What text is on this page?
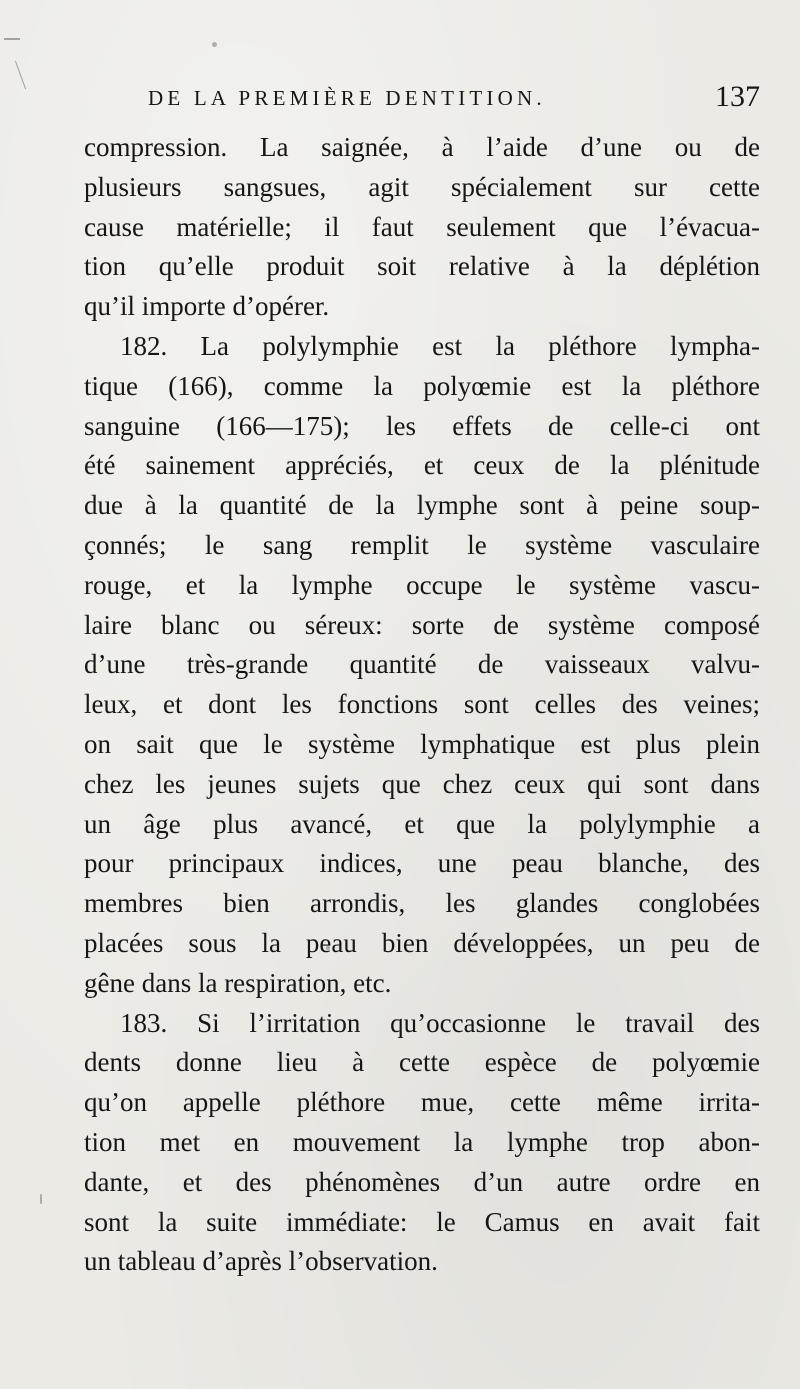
DE LA PREMIÈRE DENTITION.	137
compression. La saignée, à l’aide d’une ou de
plusieurs sangsues, agit spécialement sur cette
cause matérielle; il faut seulement que l’évacua-
tion qu’elle produit soit relative à la déplétion
qu’il importe d’opérer.
182. La polylymphie est la pléthore lympha-
tique (166), comme la polyœmie est la pléthore
sanguine (166—175); les effets de celle-ci ont
été sainement appréciés, et ceux de la plénitude
due à la quantité de la lymphe sont à peine soup-
çonnés; le sang remplit le système vasculaire
rouge, et la lymphe occupe le système vascu-
laire blanc ou séreux: sorte de système composé
d’une très-grande quantité de vaisseaux valvu-
leux, et dont les fonctions sont celles des veines;
on sait que le système lymphatique est plus plein
chez les jeunes sujets que chez ceux qui sont dans
un âge plus avancé, et que la polylymphie a
pour principaux indices, une peau blanche, des
membres bien arrondis, les glandes conglobées
placées sous la peau bien développées, un peu de
gêne dans la respiration, etc.
183. Si l’irritation qu’occasionne le travail des
dents donne lieu à cette espèce de polyœmie
qu’on appelle pléthore mue, cette même irrita-
tion met en mouvement la lymphe trop abon-
dante, et des phénomènes d’un autre ordre en
sont la suite immédiate: le Camus en avait fait
un tableau d’après l’observation.
